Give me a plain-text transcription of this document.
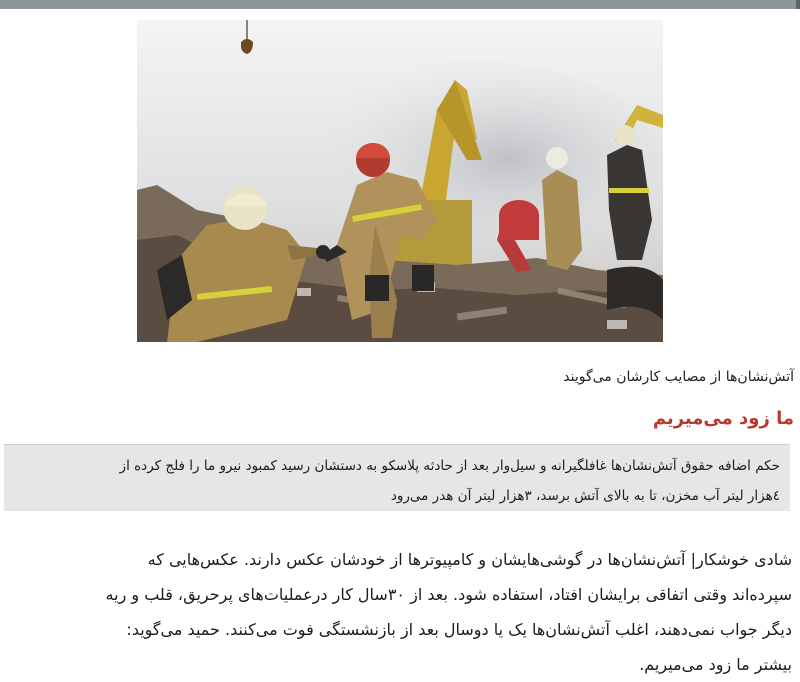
آتش‌نشان‌ها از مصایب کارشان می‌گویند
ما زود می‌میریم
حکم اضافه حقوق آتش‌نشان‌ها غافلگیرانه و سیل‌وار بعد از حادثه پلاسکو به دستشان رسید کمبود نیرو ما را فلج کرده از
٤هزار لیتر آب مخزن، تا به بالای آتش برسد، ٣هزار لیتر آن هدر می‌رود
شادی خوشکار| آتش‌نشان‌ها در گوشی‌هایشان و کامپیوترها از خودشان عکس دارند. عکس‌هایی که
سپرده‌اند وقتی اتفاقی برایشان افتاد، استفاده شود. بعد از ٣٠سال کار درعملیات‌های پرحریق، قلب و ریه
دیگر جواب نمی‌دهند، اغلب آتش‌نشان‌ها یک یا دوسال بعد از بازنشستگی فوت می‌کنند. حمید می‌گوید:
بیشتر ما زود می‌میریم.
